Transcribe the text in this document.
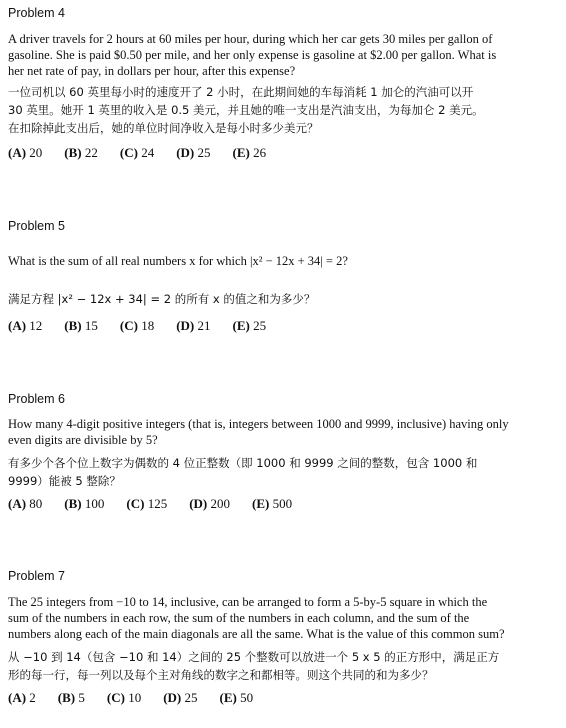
Problem 4

A driver travels for 2 hours at 60 miles per hour, during which her car gets 30 miles per gallon of

gasoline. She is paid $0.50 per mile, and her only expense is gasoline at $2.00 per gallon. What is

her net rate of pay, in dollars per hour, after this expense?

一位司机以 60 英里每小时的速度开了 2 小时，在此期间她的车每消耗 1 加仑的汽油可以开

30 英里。她开 1 英里的收入是 0.5 美元，并且她的唯一支出是汽油支出，为每加仑 2 美元。

在扣除掉此支出后，她的单位时间净收入是每小时多少美元？

(A) 20 (B) 22 (C) 24 (D) 25 (E) 26

Problem 5

What is the sum of all real numbers x for which |x² − 12x + 34| = 2?

满足方程 |x² − 12x + 34| = 2 的所有 x 的值之和为多少？

(A) 12 (B) 15 (C) 18 (D) 21 (E) 25

Problem 6

How many 4-digit positive integers (that is, integers between 1000 and 9999, inclusive) having only

even digits are divisible by 5?

有多少个各个位上数字为偶数的 4 位正整数（即 1000 和 9999 之间的整数，包含 1000 和

9999）能被 5 整除？

(A) 80 (B) 100 (C) 125 (D) 200 (E) 500

Problem 7

The 25 integers from −10 to 14, inclusive, can be arranged to form a 5-by-5 square in which the

sum of the numbers in each row, the sum of the numbers in each column, and the sum of the

numbers along each of the main diagonals are all the same. What is the value of this common sum?

从 −10 到 14（包含 −10 和 14）之间的 25 个整数可以放进一个 5 x 5 的正方形中，满足正方

形的每一行，每一列以及每个主对角线的数字之和都相等。则这个共同的和为多少？

(A) 2 (B) 5 (C) 10 (D) 25 (E) 50
